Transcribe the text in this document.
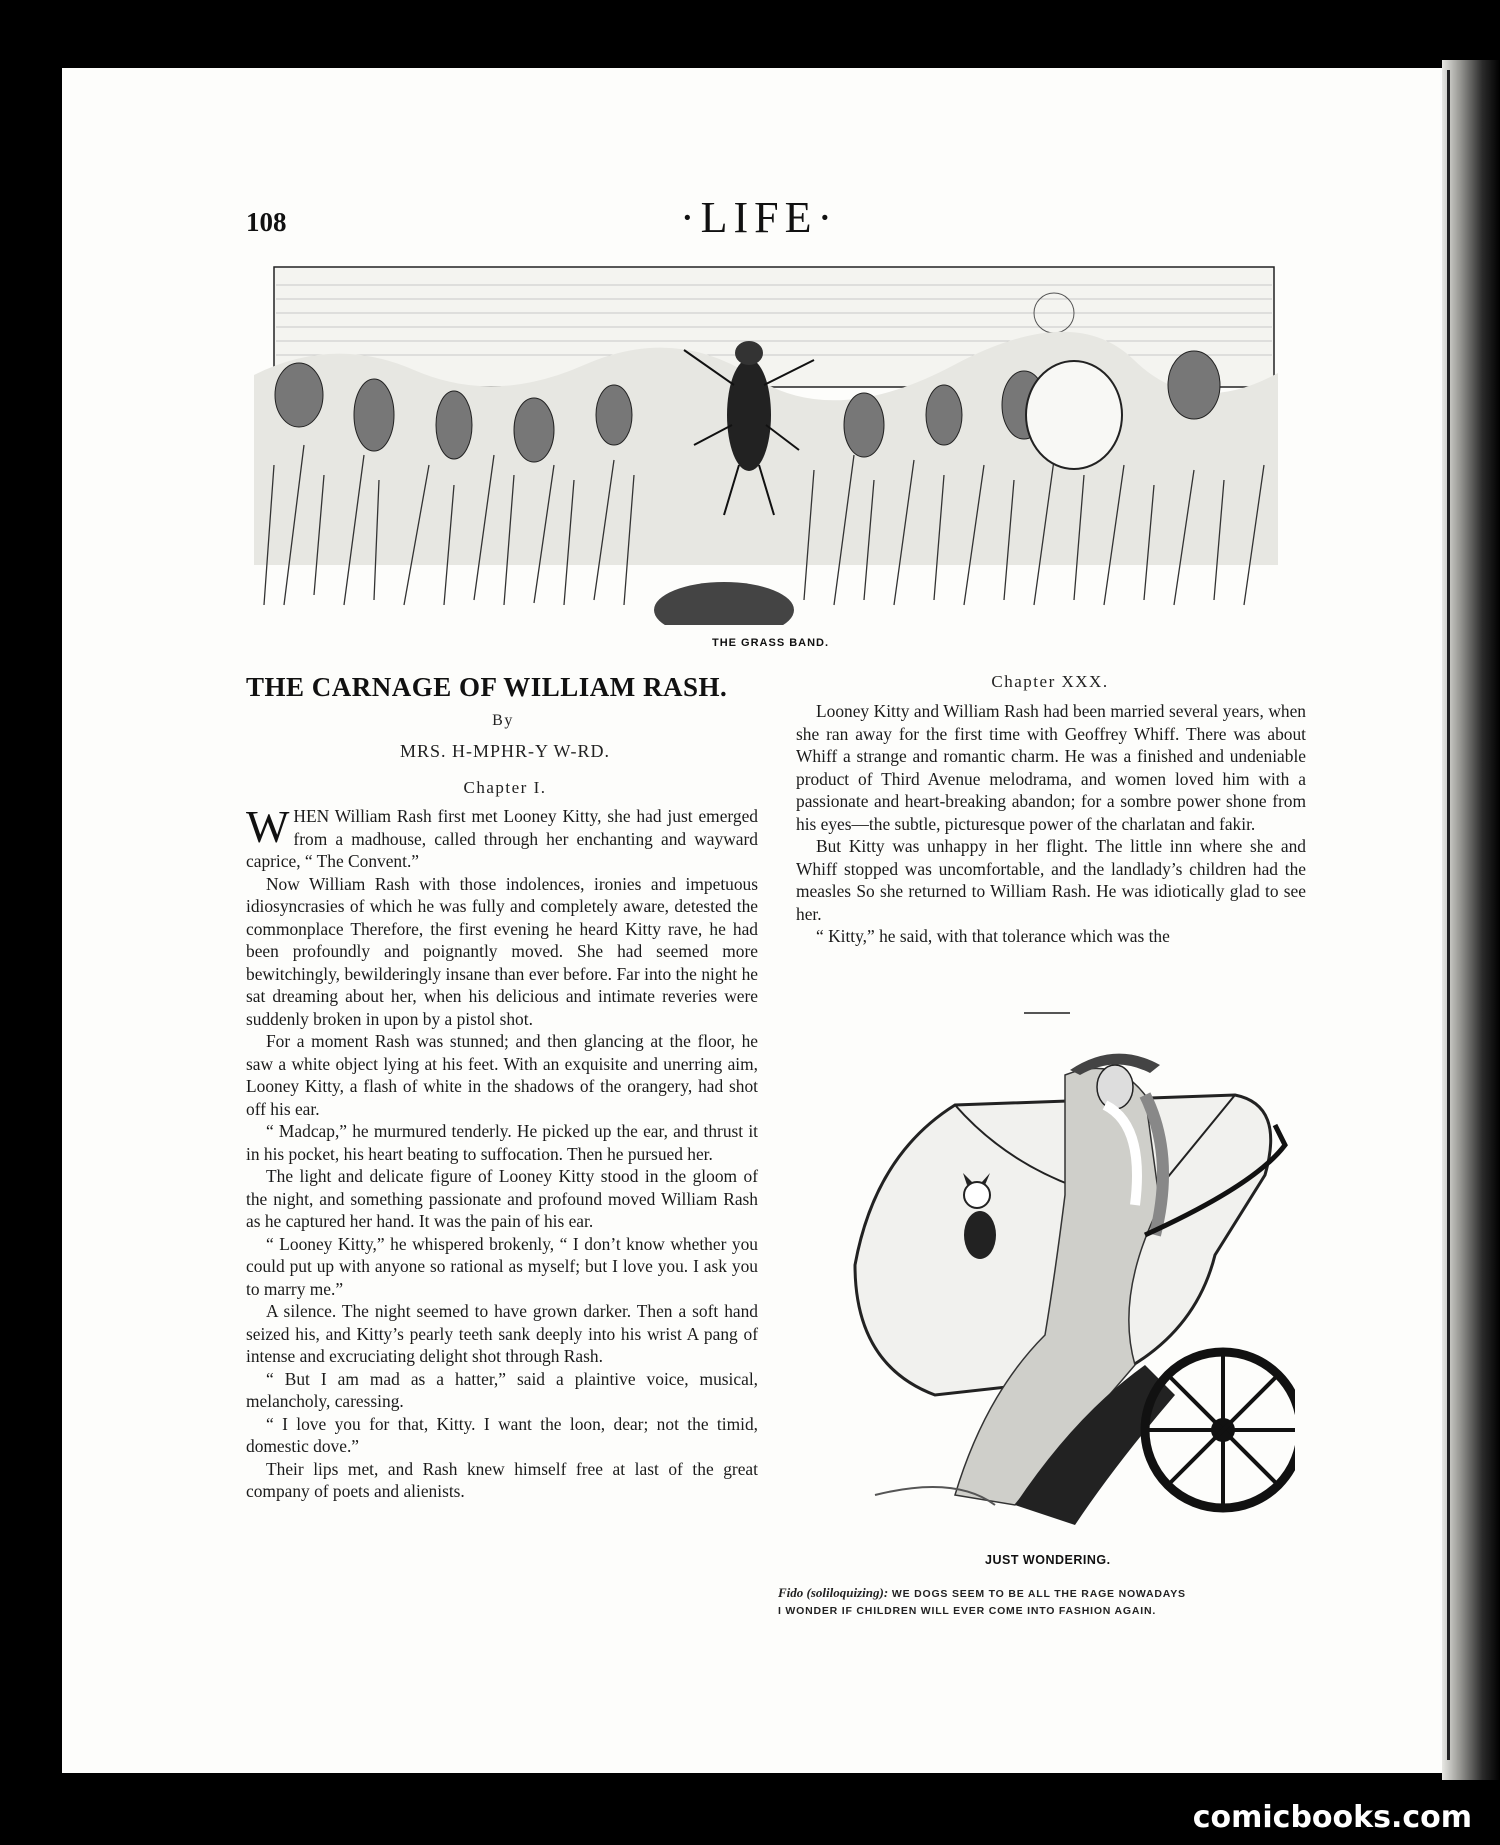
108	·LIFE·
THE GRASS BAND.
THE CARNAGE OF WILLIAM RASH.
By
MRS. H-MPHR-Y W-RD.
Chapter I.

WHEN William Rash first met Looney Kitty, she had just emerged from a madhouse, called through her enchanting and wayward caprice, “ The Convent.”

Now William Rash with those indolences, ironies and impetuous idiosyncrasies of which he was fully and completely aware, detested the commonplace Therefore, the first evening he heard Kitty rave, he had been profoundly and poignantly moved. She had seemed more bewitchingly, bewilderingly insane than ever before. Far into the night he sat dreaming about her, when his delicious and intimate reveries were suddenly broken in upon by a pistol shot.

For a moment Rash was stunned; and then glancing at the floor, he saw a white object lying at his feet. With an exquisite and unerring aim, Looney Kitty, a flash of white in the shadows of the orangery, had shot off his ear.

“ Madcap,” he murmured tenderly. He picked up the ear, and thrust it in his pocket, his heart beating to suffocation. Then he pursued her.

The light and delicate figure of Looney Kitty stood in the gloom of the night, and something passionate and profound moved William Rash as he captured her hand. It was the pain of his ear.

“ Looney Kitty,” he whispered brokenly, “ I don’t know whether you could put up with anyone so rational as myself; but I love you. I ask you to marry me.”

A silence. The night seemed to have grown darker. Then a soft hand seized his, and Kitty’s pearly teeth sank deeply into his wrist A pang of intense and excruciating delight shot through Rash.

“ But I am mad as a hatter,” said a plaintive voice, musical, melancholy, caressing.

“ I love you for that, Kitty. I want the loon, dear; not the timid, domestic dove.”

Their lips met, and Rash knew himself free at last of the great company of poets and alienists.

Chapter XXX.

Looney Kitty and William Rash had been married several years, when she ran away for the first time with Geoffrey Whiff. There was about Whiff a strange and romantic charm. He was a finished and undeniable product of Third Avenue melodrama, and women loved him with a passionate and heart-breaking abandon; for a sombre power shone from his eyes—the subtle, picturesque power of the charlatan and fakir.

But Kitty was unhappy in her flight. The little inn where she and Whiff stopped was uncomfortable, and the landlady’s children had the measles So she returned to William Rash. He was idiotically glad to see her.

“ Kitty,” he said, with that tolerance which was the

JUST WONDERING.
Fido (soliloquizing): WE DOGS SEEM TO BE ALL THE RAGE NOWADAYS
I WONDER IF CHILDREN WILL EVER COME INTO FASHION AGAIN.
comicbooks.com
